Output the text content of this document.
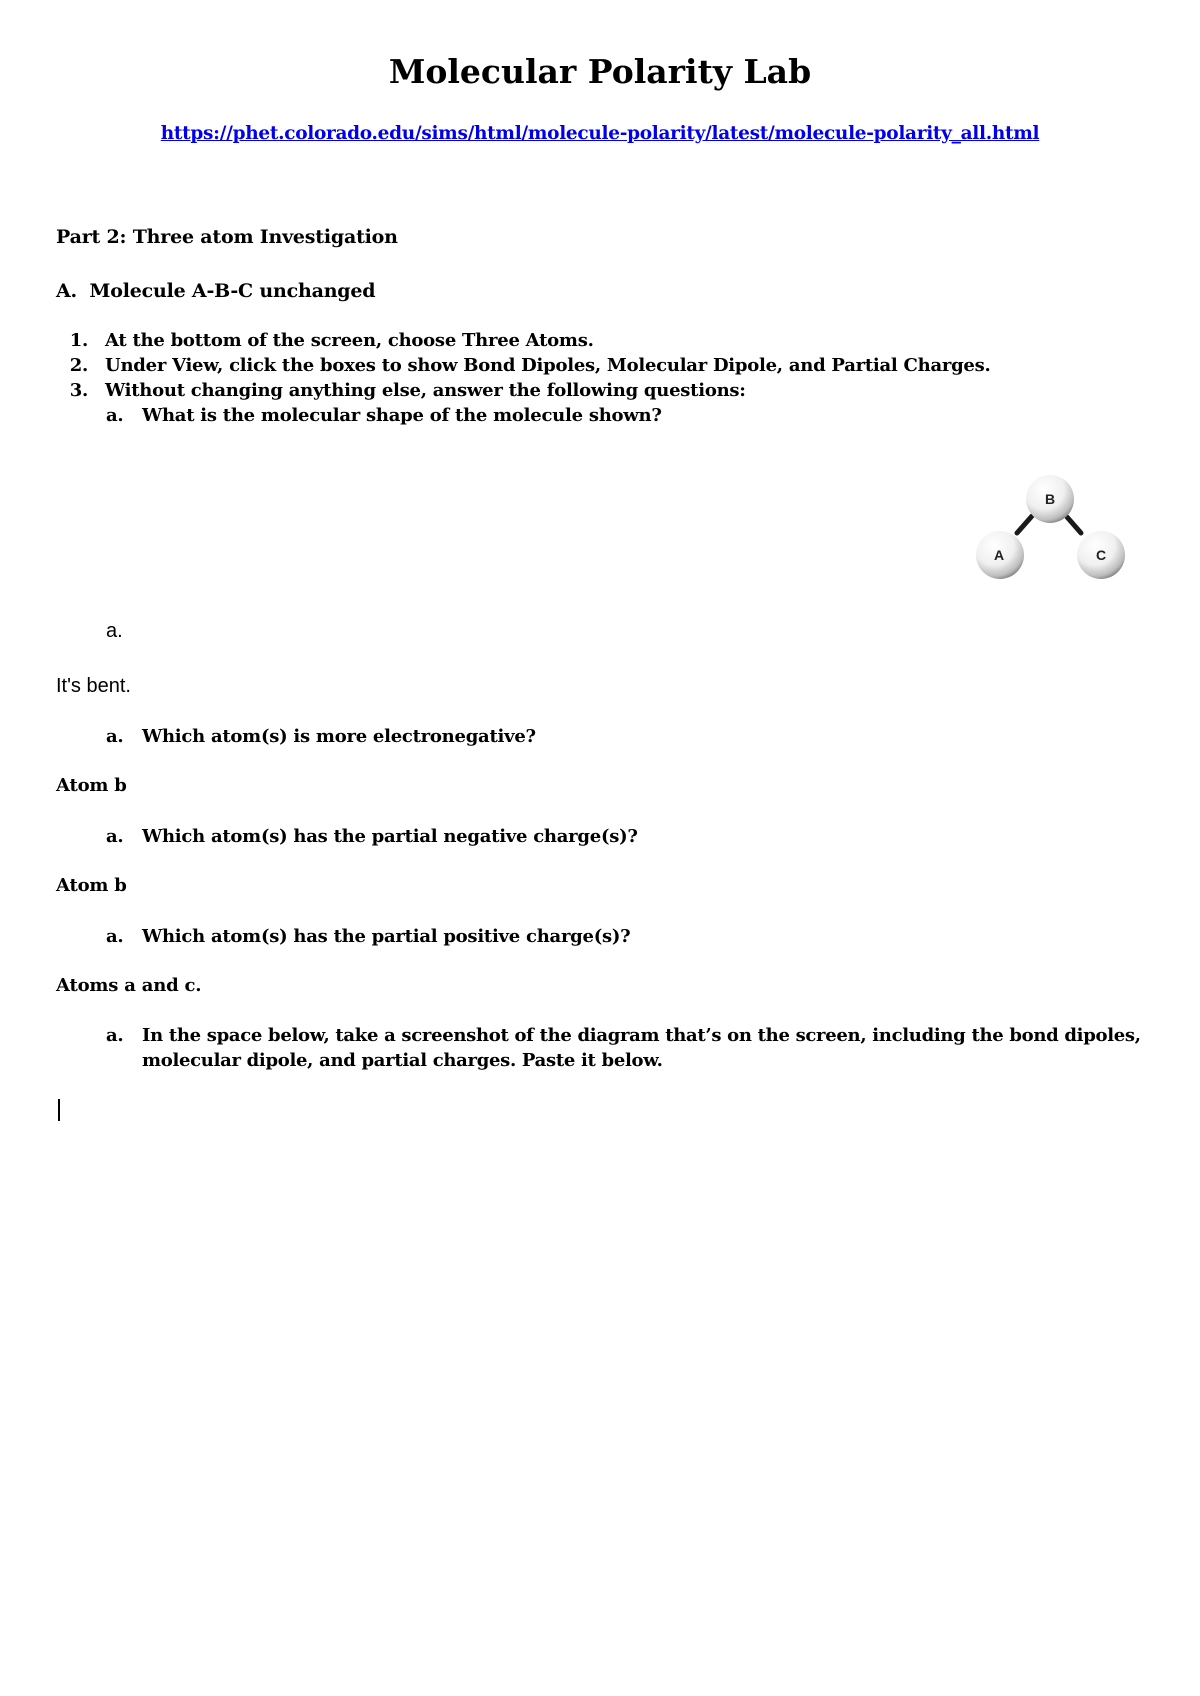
Molecular Polarity Lab
https://phet.colorado.edu/sims/html/molecule-polarity/latest/molecule-polarity_all.html
Part 2: Three atom Investigation
A. Molecule A-B-C unchanged
1. At the bottom of the screen, choose Three Atoms.
2. Under View, click the boxes to show Bond Dipoles, Molecular Dipole, and Partial Charges.
3. Without changing anything else, answer the following questions:
a. What is the molecular shape of the molecule shown?
B
A	C
a.
It's bent.
a. Which atom(s) is more electronegative?
Atom b
a. Which atom(s) has the partial negative charge(s)?
Atom b
a. Which atom(s) has the partial positive charge(s)?
Atoms a and c.
a. In the space below, take a screenshot of the diagram that’s on the screen, including the bond dipoles,
molecular dipole, and partial charges. Paste it below.
